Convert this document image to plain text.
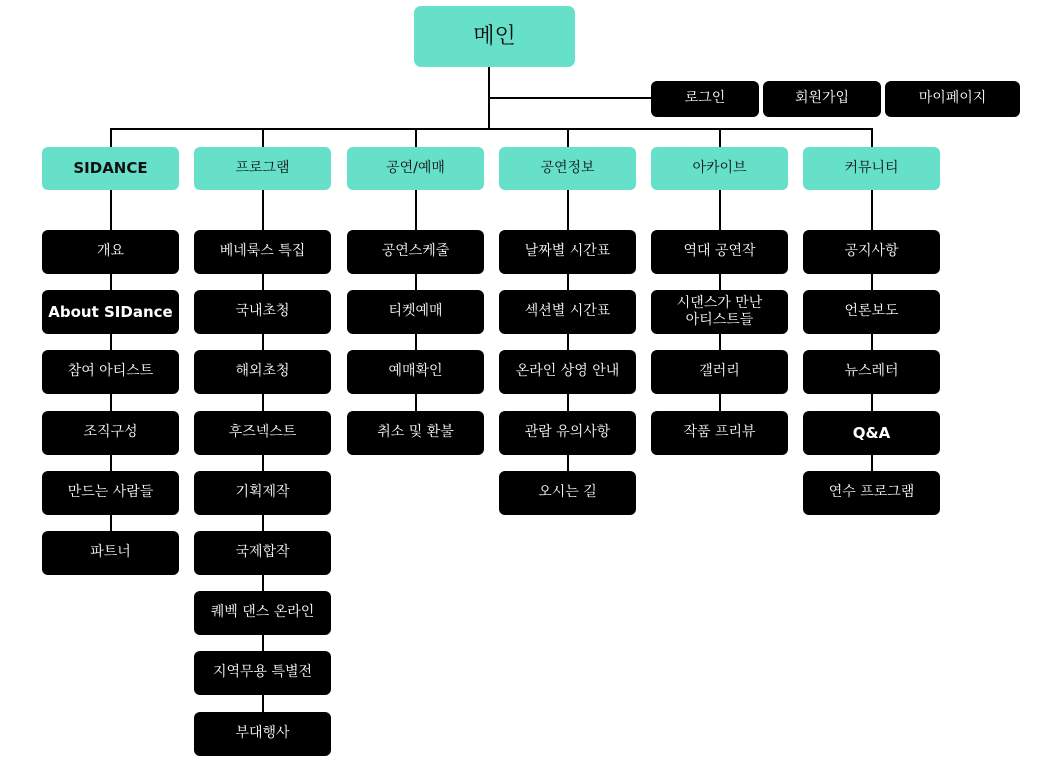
메인
로그인	회원가입	마이페이지
SIDANCE
개요
About SIDance
참여 아티스트
조직구성
만드는 사람들
파트너
프로그램
베네룩스 특집
국내초청
해외초청
후즈넥스트
기획제작
국제합작
퀘벡 댄스 온라인
지역무용 특별전
부대행사
공연/예매
공연스케줄
티켓예매
예매확인
취소 및 환불
공연정보
날짜별 시간표
섹션별 시간표
온라인 상영 안내
관람 유의사항
오시는 길
아카이브
역대 공연작
시댄스가 만난
아티스트들
갤러리
작품 프리뷰
커뮤니티
공지사항
언론보도
뉴스레터
Q&A
연수 프로그램
